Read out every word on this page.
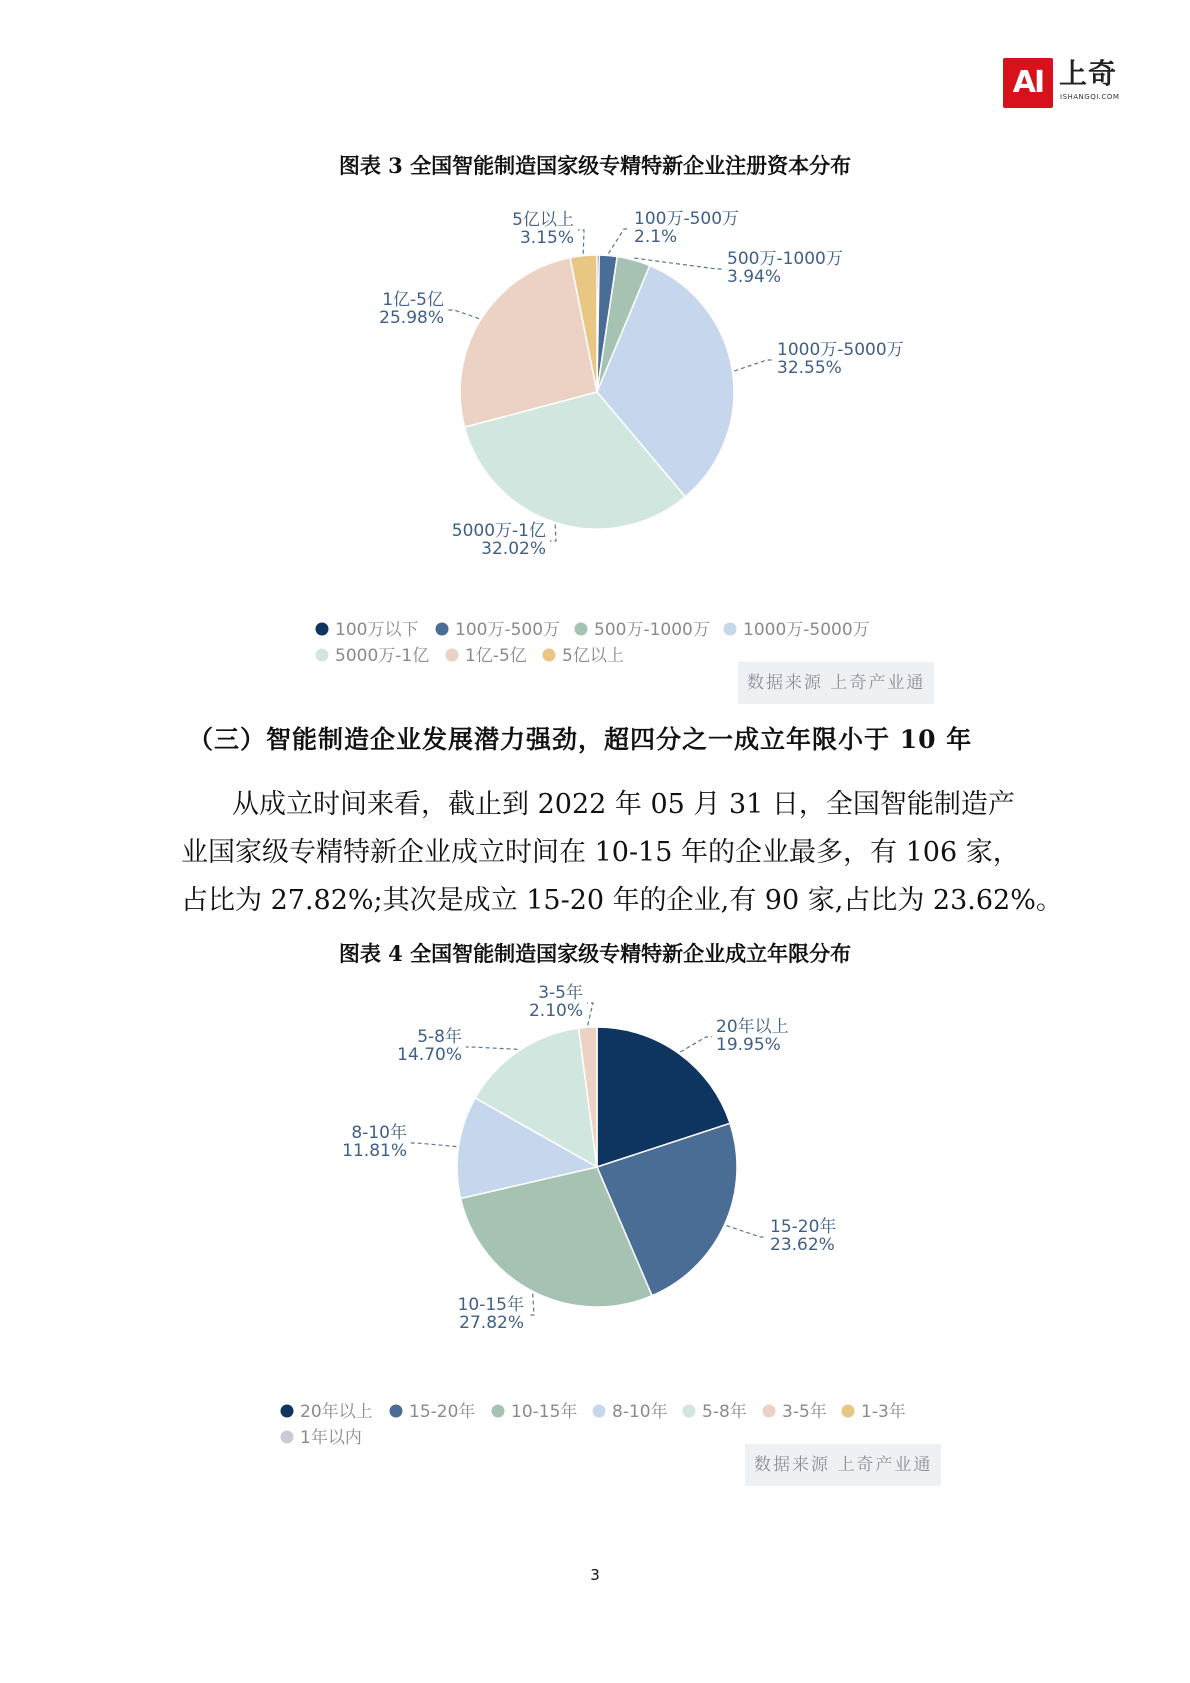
AI 上奇
ISHANGQI.COM
图表 3 全国智能制造国家级专精特新企业注册资本分布
100万-500万
2.1%
500万-1000万
3.94%
1000万-5000万
32.55%
5000万-1亿
32.02%
1亿-5亿
25.98%
5亿以上
3.15%
100万以下 100万-500万 500万-1000万 1000万-5000万
5000万-1亿 1亿-5亿 5亿以上
数据来源 上奇产业通
（三）智能制造企业发展潜力强劲，超四分之一成立年限小于 10 年
从成立时间来看，截止到 2022 年 05 月 31 日，全国智能制造产
业国家级专精特新企业成立时间在 10-15 年的企业最多，有 106 家，
占比为 27.82%;其次是成立 15-20 年的企业,有 90 家,占比为 23.62%。
图表 4 全国智能制造国家级专精特新企业成立年限分布
20年以上
19.95%
15-20年
23.62%
10-15年
27.82%
8-10年
11.81%
5-8年
14.70%
3-5年
2.10%
20年以上 15-20年 10-15年 8-10年 5-8年 3-5年 1-3年
1年以内
数据来源 上奇产业通
3
